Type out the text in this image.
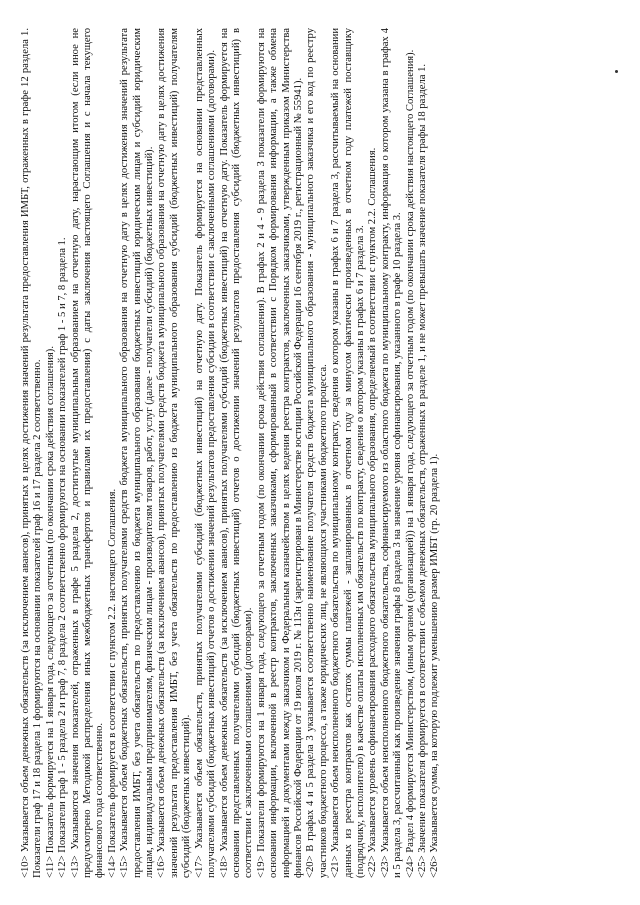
<10> Указывается объем денежных обязательств (за исключением авансов), принятых в целях достижения значений результата предоставления ИМБТ, отраженных в графе 12 раздела 1. Показатели граф 17 и 18 раздела 1 формируются на основании показателей граф 16 и 17 раздела 2 соответственно. <11> Показатель формируется на 1 января года, следующего за отчетным (по окончании срока действия соглашения). <12> Показатели граф 1 - 5 раздела 2 и граф 7, 8 раздела 2 соответственно формируются на основании показателей граф 1 - 5 и 7, 8 раздела 1. <13> Указываются значения показателей, отраженных в графе 5 раздела 2, достигнутые муниципальным образованием на отчетную дату, нарастающим итогом (если иное не предусмотрено Методикой распределения иных межбюджетных трансфертов и правилами их предоставления) с даты заключения настоящего Соглашения и с начала текущего финансового года соответственно. <14> Показатель формируется в соответствии с пунктом 2.2. настоящего Соглашения. <15> Указывается объем бюджетных обязательств, принятых получателями средств бюджета муниципального образования на отчетную дату в целях достижения значений результата предоставления ИМБТ, без учета обязательств по предоставлению из бюджета муниципального образования бюджетных инвестиций юридическим лицам и субсидий юридическим лицам, индивидуальным предпринимателям, физическим лицам - производителям товаров, работ, услуг (далее - получатели субсидий) (бюджетных инвестиций). <16> Указывается объем денежных обязательств (за исключением авансов), принятых получателями средств бюджета муниципального образования на отчетную дату в целях достижения значений результата предоставления ИМБТ, без учета обязательств по предоставлению из бюджета муниципального образования субсидий (бюджетных инвестиций) получателям субсидий (бюджетных инвестиций). <17> Указывается объем обязательств, принятых получателями субсидий (бюджетных инвестиций) на отчетную дату. Показатель формируется на основании представленных получателями субсидий (бюджетных инвестиций) отчетов о достижении значений результатов предоставления субсидии в соответствии с заключенными соглашениями (договорами). <18> Указывается объем денежных обязательств (за исключением авансов), принятых получателями субсидий (бюджетных инвестиций) на отчетную дату. Показатель формируется на основании представленных получателями субсидий (бюджетных инвестиций) отчетов о достижении значений результатов предоставления субсидий (бюджетных инвестиций) в соответствии с заключенными соглашениями (договорами). <19> Показатели формируются на 1 января года, следующего за отчетным годом (по окончании срока действия соглашения). В графах 2 и 4 - 9 раздела 3 показатели формируются на основании информации, включенной в реестр контрактов, заключенных заказчиками, сформированный в соответствии с Порядком формирования информации, а также обмена информацией и документами между заказчиком и Федеральным казначейством в целях ведения реестра контрактов, заключенных заказчиками, утвержденным приказом Министерства финансов Российской Федерации от 19 июля 2019 г. № 113н (зарегистрирован в Министерстве юстиции Российской Федерации 16 сентября 2019 г., регистрационный № 55941). <20> В графах 4 и 5 раздела 3 указывается соответственно наименование получателя средств бюджета муниципального образования - муниципального заказчика и его код по реестру участников бюджетного процесса, а также юридических лиц, не являющихся участниками бюджетного процесса. <21> Указывается объем неисполненного бюджетного обязательства по муниципальному контракту, сведения о котором указаны в графах 6 и 7 раздела 3, рассчитываемый на основании данных из реестра контрактов как остаток суммы платежей - запланированных в отчетном году за минусом фактически произведенных в отчетном году платежей поставщику (подрядчику, исполнителю) в качестве оплаты исполненных им обязательств по контракту, сведения о котором указаны в графах 6 и 7 раздела 3. <22> Указывается уровень софинансирования расходного обязательства муниципального образования, определяемый в соответствии с пунктом 2.2. Соглашения. <23> Указывается объем неисполненного бюджетного обязательства, софинансируемого из областного бюджета по муниципальному контракту, информация о котором указана в графах 4 и 5 раздела 3, рассчитанный как произведение значения графы 8 раздела 3 на значение уровня софинансирования, указанного в графе 10 раздела 3. <24> Раздел 4 формируется Министерством, (иным органом (организацией)) на 1 января года, следующего за отчетным годом (по окончании срока действия настоящего Соглашения). <25> Значение показателя формируется в соответствии с объемом денежных обязательств, отраженных в разделе 1, и не может превышать значение показателя графы 18 раздела 1. <26> Указывается сумма, на которую подлежит уменьшению размер ИМБТ (гр. 20 раздела 1).
